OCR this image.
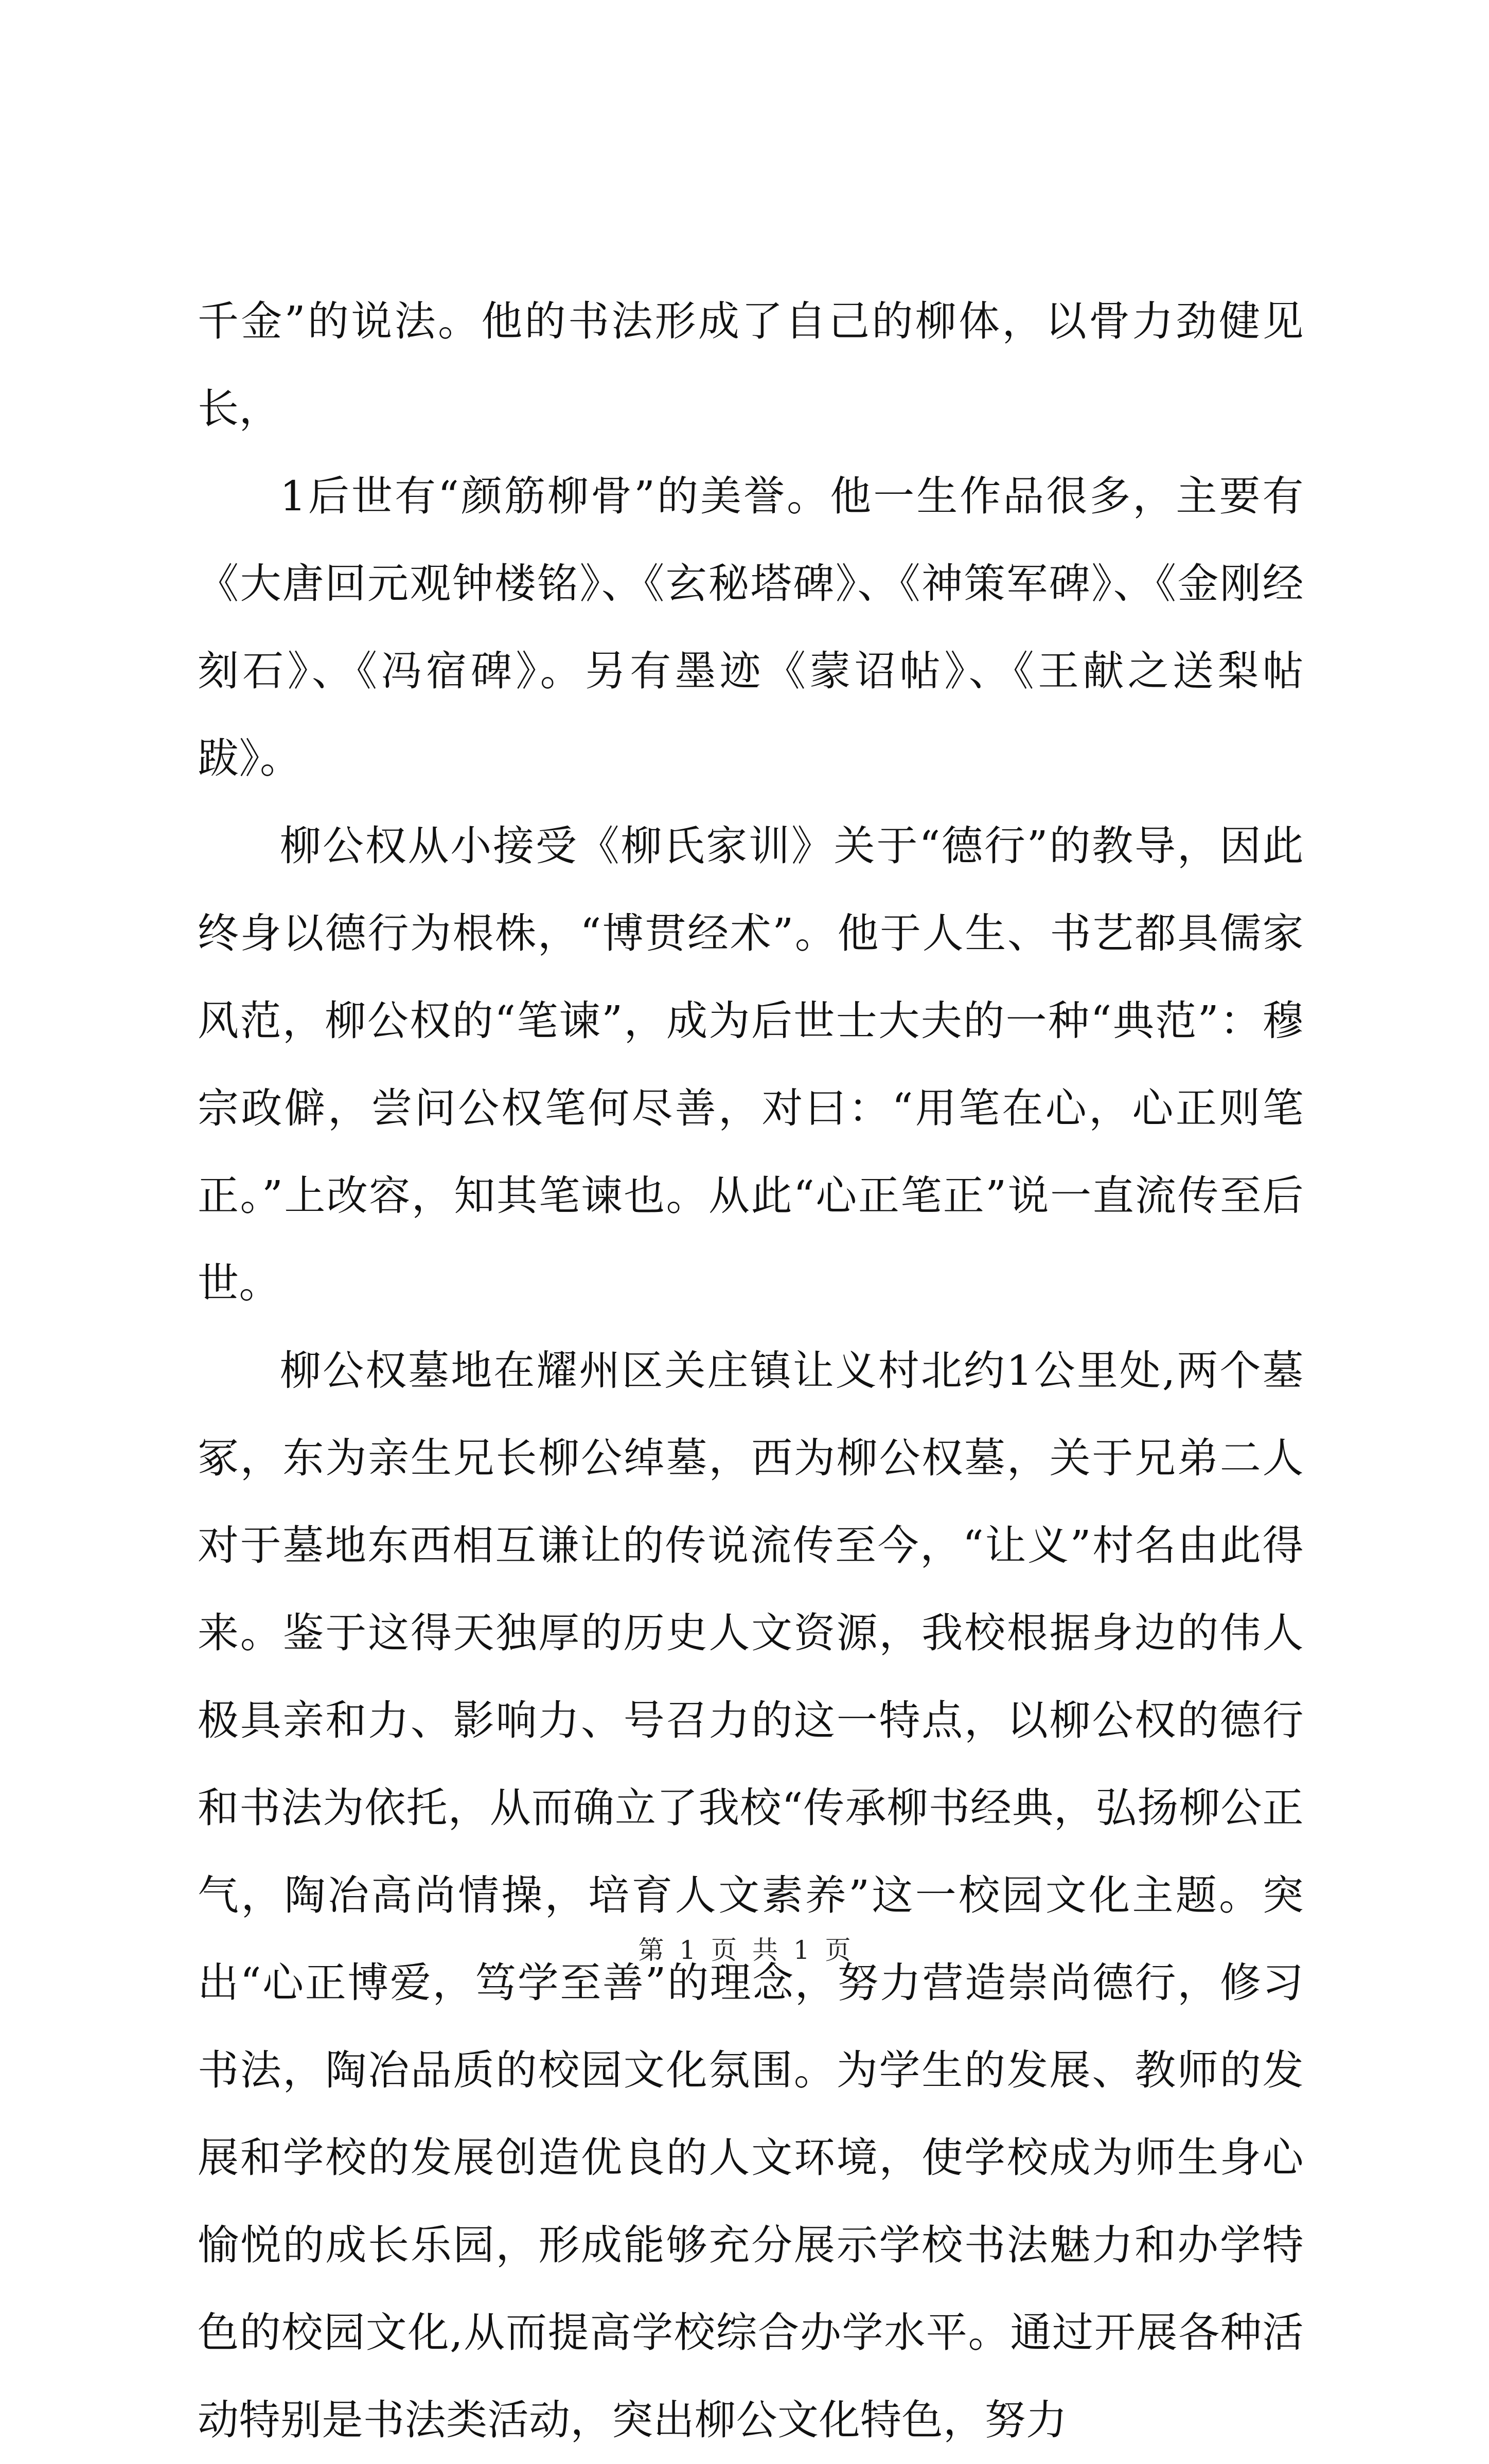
千金”的说法。他的书法形成了自己的柳体，以骨力劲健见长，

1后世有“颜筋柳骨”的美誉。他一生作品很多，主要有《大唐回元观钟楼铭》、《玄秘塔碑》、《神策军碑》、《金刚经刻石》、《冯宿碑》。另有墨迹《蒙诏帖》、《王献之送梨帖跋》。

柳公权从小接受《柳氏家训》关于“德行”的教导，因此终身以德行为根株，“博贯经术”。他于人生、书艺都具儒家风范，柳公权的“笔谏”，成为后世士大夫的一种“典范”：穆宗政僻，尝问公权笔何尽善，对曰：“用笔在心，心正则笔正。”上改容，知其笔谏也。从此“心正笔正”说一直流传至后世。

柳公权墓地在耀州区关庄镇让义村北约1公里处,两个墓冢，东为亲生兄长柳公绰墓，西为柳公权墓，关于兄弟二人对于墓地东西相互谦让的传说流传至今，“让义”村名由此得来。鉴于这得天独厚的历史人文资源，我校根据身边的伟人极具亲和力、影响力、号召力的这一特点，以柳公权的德行和书法为依托，从而确立了我校“传承柳书经典，弘扬柳公正气，陶冶高尚情操，培育人文素养”这一校园文化主题。突出“心正博爱，笃学至善”的理念，努力营造崇尚德行，修习书法，陶冶品质的校园文化氛围。为学生的发展、教师的发展和学校的发展创造优良的人文环境，使学校成为师生身心愉悦的成长乐园，形成能够充分展示学校书法魅力和办学特色的校园文化,从而提高学校综合办学水平。通过开展各种活动特别是书法类活动，突出柳公文化特色，努力

第 1 页 共 1 页
